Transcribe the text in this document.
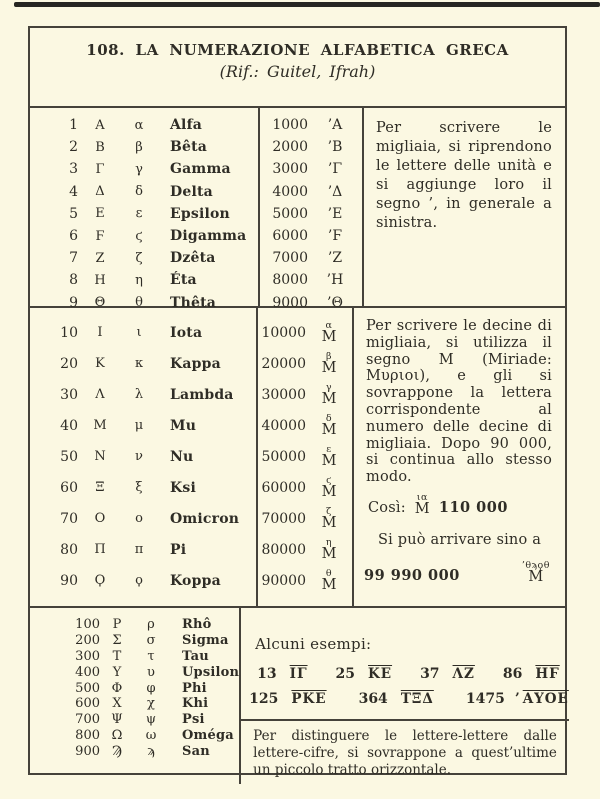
108. LA NUMERAZIONE ALFABETICA GRECA
(Rif.: Guitel, Ifrah)
1	Α	α	Alfa
2	Β	β	Bêta
3	Γ	γ	Gamma
4	Δ	δ	Delta
5	Ε	ε	Epsilon
6	Ϝ	ϛ	Digamma
7	Ζ	ζ	Dzêta
8	Η	η	Éta
9	Θ	θ	Thêta
1000	’Α
2000	’Β
3000	’Γ
4000	’Δ
5000	’Ε
6000	’Ϝ
7000	’Ζ
8000	’Η
9000	’Θ
Per scrivere le migliaia, si riprendono le lettere delle unità e si aggiunge loro il segno ’, in generale a sinistra.
10	Ι	ι	Iota
20	Κ	κ	Kappa
30	Λ	λ	Lambda
40	Μ	μ	Mu
50	Ν	ν	Nu
60	Ξ	ξ	Ksi
70	Ο	ο	Omicron
80	Π	π	Pi
90	Ϙ	ϙ	Koppa
10000 α
M
20000 β
M
30000 γ
M
40000 δ
M
50000 ε
M
60000 ϛ
M
70000 ζ
M
80000 η
M
90000 θ
M
Per scrivere le decine di migliaia, si utilizza il segno M (Miriade: Μυριοι), e gli si sovrappone la lettera corrispondente al numero delle decine di migliaia. Dopo 90 000, si continua allo stesso modo.
Così:
ια
M 110 000
Si può arrivare sino a
99 990 000
’θϡϙθ
M
100 Ρ	ρ	Rhô
200 Σ	σ	Sigma
300 Τ	τ	Tau
400 Υ	υ	Upsilon
500 Φ	φ	Phi
600 Χ	χ	Khi
700 Ψ	ψ	Psi
800 Ω	ω	Oméga
900 Ϡ	ϡ	San
Alcuni esempi:
13 $\overline{I\Gamma}$ 25 $\overline{KE}$ 37 $\overline{\Lambda Z}$ 86 $\overline{HϜ}$
125 $\overline{PKE}$ 364 $\overline{T\Xi\Delta}$ 1475 ’ ΑΥΟΕ
Per distinguere le lettere-lettere dalle lettere-cifre, si sovrappone a quest’ultime un piccolo tratto orizzontale.
